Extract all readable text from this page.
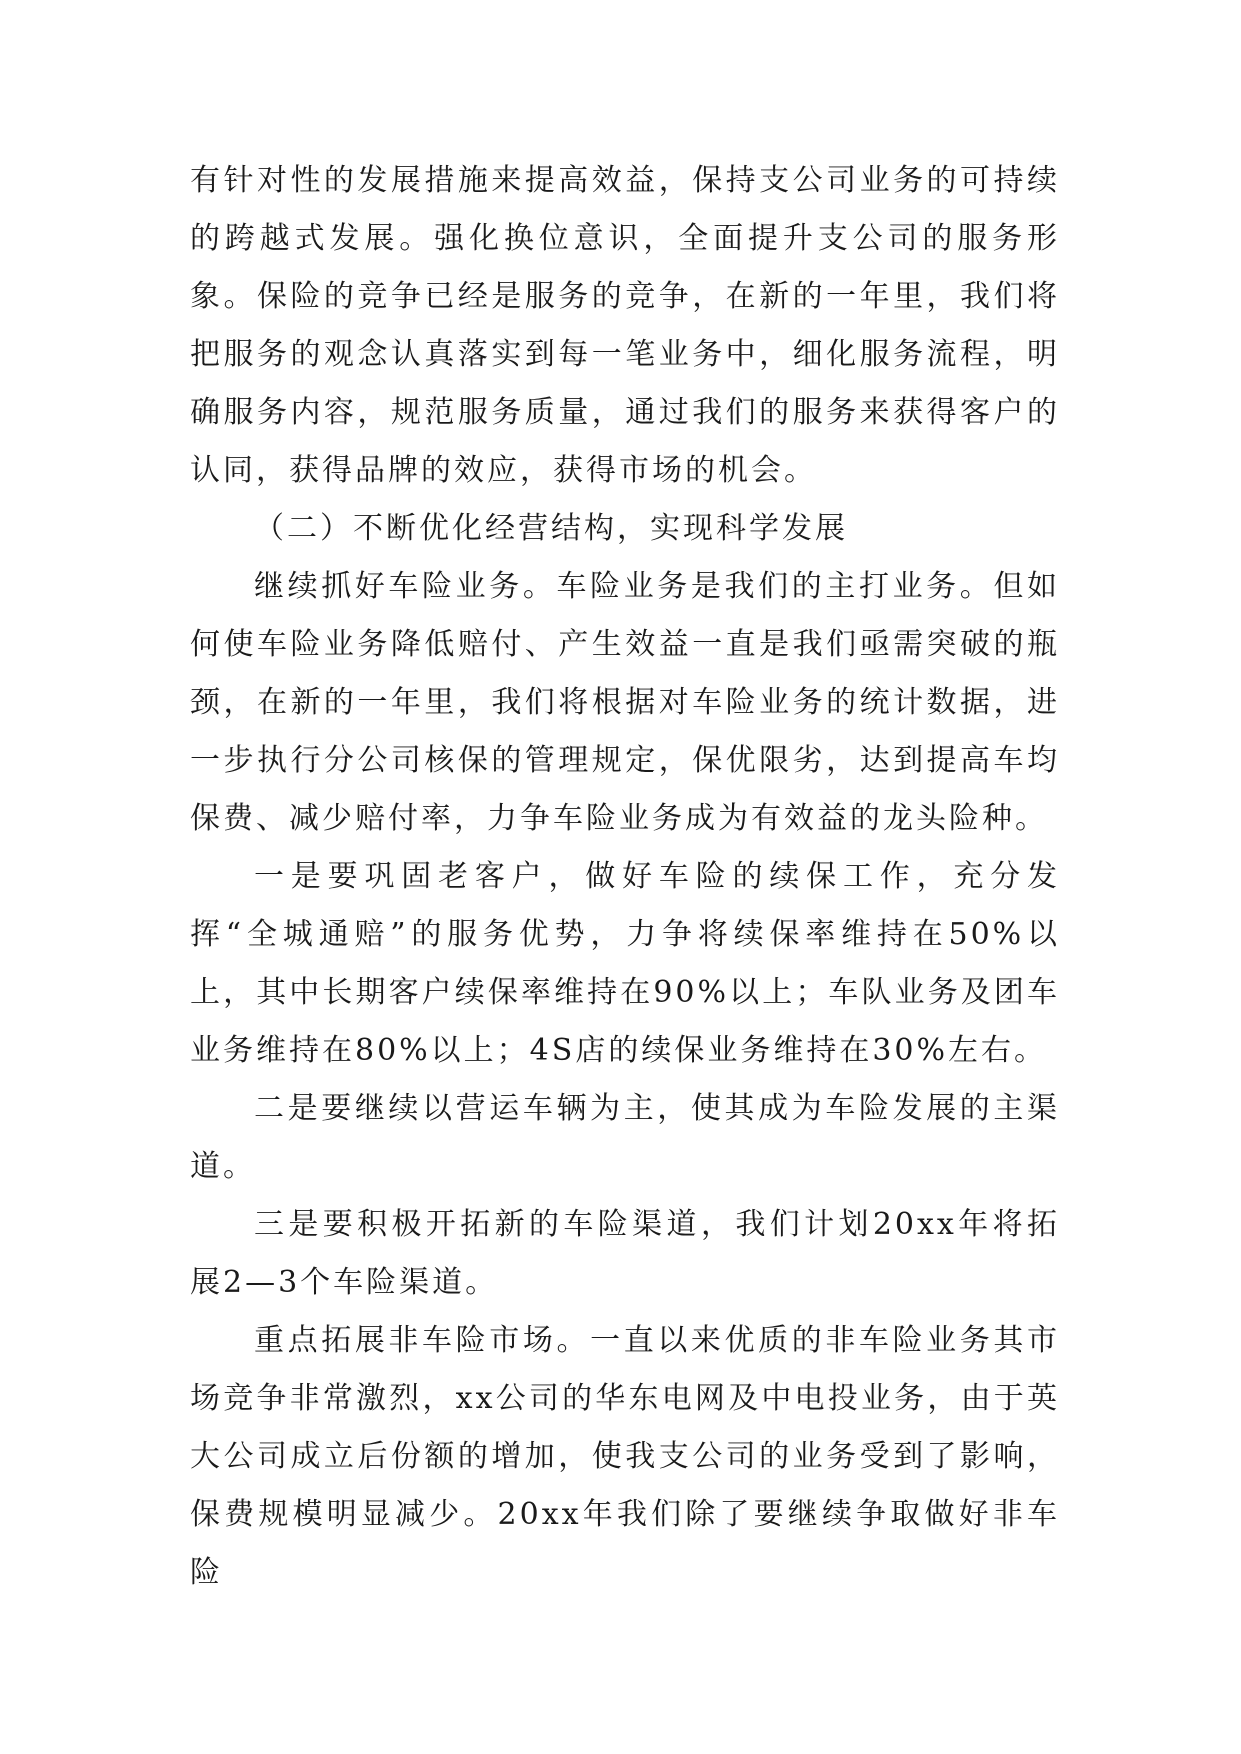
有针对性的发展措施来提高效益，保持支公司业务的可持续的跨越式发展。强化换位意识，全面提升支公司的服务形象。保险的竞争已经是服务的竞争，在新的一年里，我们将把服务的观念认真落实到每一笔业务中，细化服务流程，明确服务内容，规范服务质量，通过我们的服务来获得客户的认同，获得品牌的效应，获得市场的机会。

（二）不断优化经营结构，实现科学发展

继续抓好车险业务。车险业务是我们的主打业务。但如何使车险业务降低赔付、产生效益一直是我们亟需突破的瓶颈，在新的一年里，我们将根据对车险业务的统计数据，进一步执行分公司核保的管理规定，保优限劣，达到提高车均保费、减少赔付率，力争车险业务成为有效益的龙头险种。

一是要巩固老客户，做好车险的续保工作，充分发挥“全城通赔”的服务优势，力争将续保率维持在50%以上，其中长期客户续保率维持在90%以上；车队业务及团车业务维持在80%以上；4S店的续保业务维持在30%左右。

二是要继续以营运车辆为主，使其成为车险发展的主渠道。

三是要积极开拓新的车险渠道，我们计划20xx年将拓展2—3个车险渠道。

重点拓展非车险市场。一直以来优质的非车险业务其市场竞争非常激烈，xx公司的华东电网及中电投业务，由于英大公司成立后份额的增加，使我支公司的业务受到了影响，保费规模明显减少。20xx年我们除了要继续争取做好非车险
